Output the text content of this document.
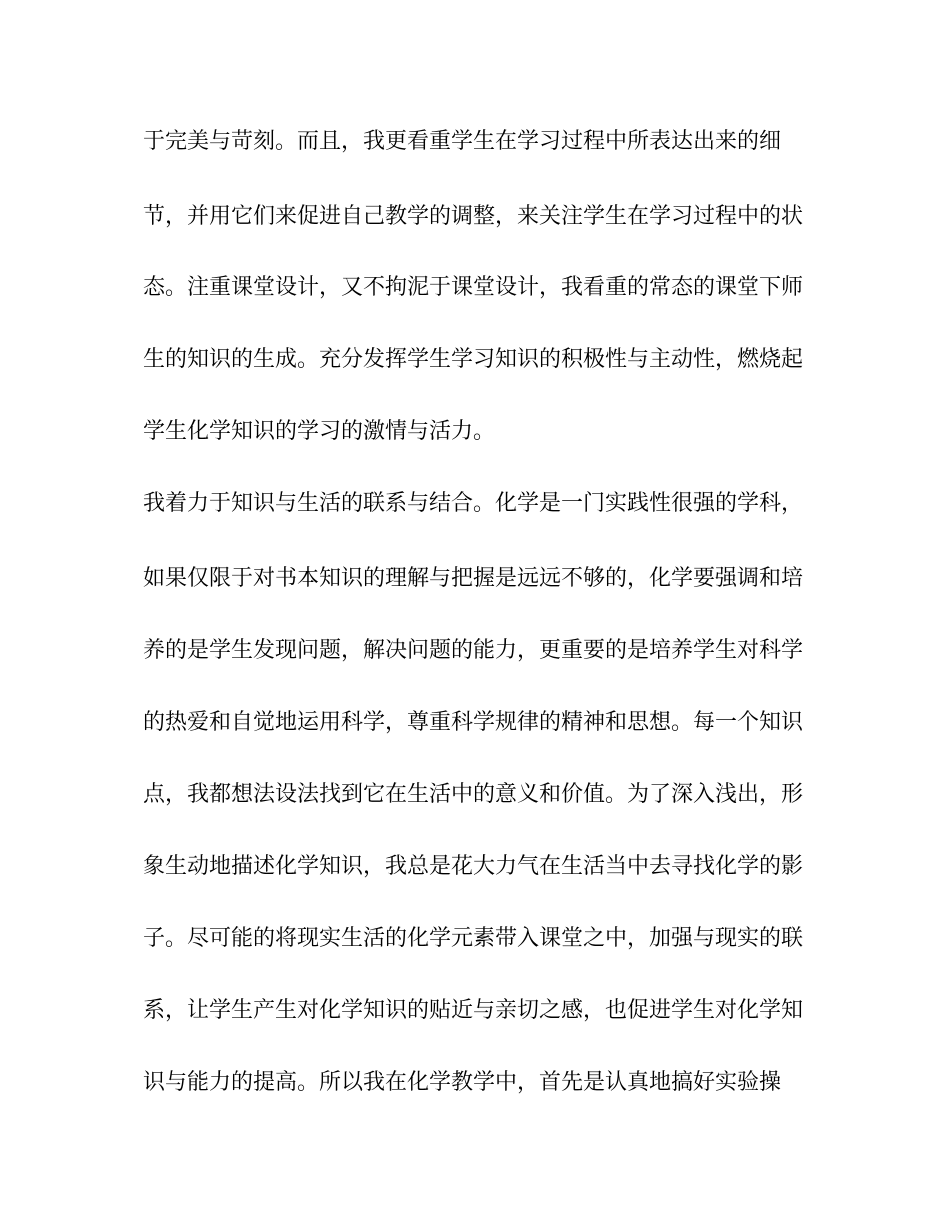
于完美与苛刻。而且，我更看重学生在学习过程中所表达出来的细

节，并用它们来促进自己教学的调整，来关注学生在学习过程中的状

态。注重课堂设计，又不拘泥于课堂设计，我看重的常态的课堂下师

生的知识的生成。充分发挥学生学习知识的积极性与主动性，燃烧起

学生化学知识的学习的激情与活力。

我着力于知识与生活的联系与结合。化学是一门实践性很强的学科，

如果仅限于对书本知识的理解与把握是远远不够的，化学要强调和培

养的是学生发现问题，解决问题的能力，更重要的是培养学生对科学

的热爱和自觉地运用科学，尊重科学规律的精神和思想。每一个知识

点，我都想法设法找到它在生活中的意义和价值。为了深入浅出，形

象生动地描述化学知识，我总是花大力气在生活当中去寻找化学的影

子。尽可能的将现实生活的化学元素带入课堂之中，加强与现实的联

系，让学生产生对化学知识的贴近与亲切之感，也促进学生对化学知

识与能力的提高。所以我在化学教学中，首先是认真地搞好实验操
